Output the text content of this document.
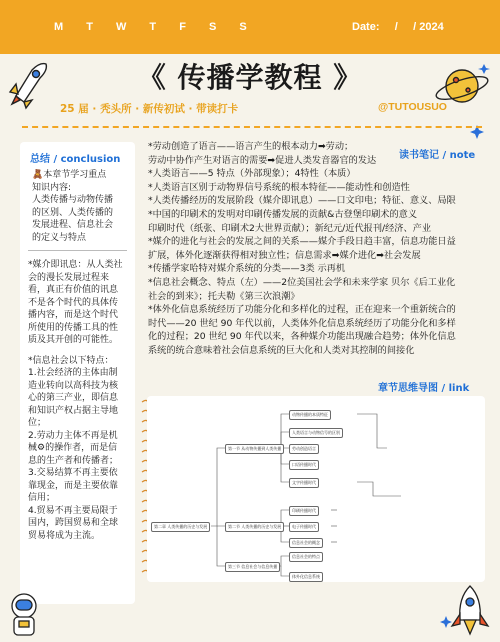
M T W T F S S	Date:     /     / 2024
《 传播学教程 》
25 届 · 秃头所 · 新传初试 · 带读打卡	@TUTOUSUO
总结 / conclusion
🧸本章节学习重点
知识内容:
人类传播与动物传播
的区别、人类传播的
发展进程、信息社会
的定义与特点
*媒介即讯息：从人类社
会的漫长发展过程来
看，真正有价值的讯息
不是各个时代的具体传
播内容，而是这个时代
所使用的传播工具的性
质及其开创的可能性。
*信息社会以下特点：
1.社会经济的主体由制
造业转向以高科技为核
心的第三产业，即信息
和知识产权占据主导地
位；
2.劳动力主体不再是机
械⚙的操作者，而是信
息的生产者和传播者；
3.交易结算不再主要依
靠现金，而是主要依靠
信用；
4.贸易不再主要局限于
国内，跨国贸易和全球
贸易将成为主流。
*劳动创造了语言——语言产生的根本动力➡劳动；
劳动中协作产生对语言的需要➡促进人类发音器官的发达
*人类语言——5 特点（外部现象）；4特性（本质）
*人类语言区别于动物界信号系统的根本特征——能动性和创造性
*人类传播经历的发展阶段（媒介即讯息）——口文印电；特征、意义、局限
*中国的印刷术的发明对印刷传播发展的贡献&古登堡印刷术的意义
印刷时代（纸张、印刷术2大世界贡献）；新纪元/近代报刊/经济、产业
*媒介的进化与社会的发展之间的关系——媒介手段日趋丰富，信息功能日益
扩展，体外化逐渐获得相对独立性；信息需求➡媒介进化➡社会发展
*传播学家哈特对媒介系统的分类——3类 示再机
*信息社会概念、特点（左）——2位美国社会学和未来学家 贝尔《后工业化
社会的到来》；托夫勒《第三次浪潮》
*体外化信息系统经历了功能分化和多样化的过程，正在迎来一个重新统合的
时代——20 世纪 90 年代以前，人类体外化信息系统经历了功能分化和多样
化的过程；20 世纪 90 年代以来，各种媒介功能出现融合趋势；体外化信息
系统的统合意味着社会信息系统的巨大化和人类对其控制的间接化
读书笔记 / note
章节思维导图 / link
第二章 人类传播的历史与发展
第一节 从动物传播到人类传播
第二节 人类传播的历史与发展
第三节 信息社会与信息传播
动物传播的本质特征
人类语言与动物信号的区别
劳动创造语言
口语传播时代
文字传播时代
印刷传播时代
电子传播时代
信息社会的概念
信息社会的特点
体外化信息系统
